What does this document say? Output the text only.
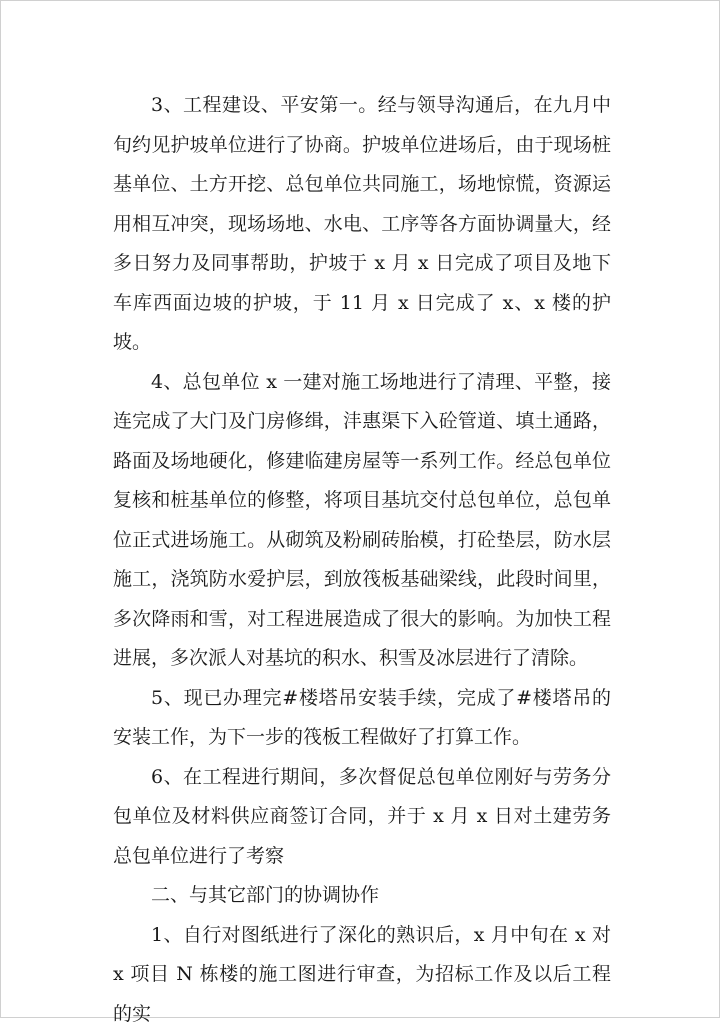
3、工程建设、平安第一。经与领导沟通后，在九月中旬约见护坡单位进行了协商。护坡单位进场后，由于现场桩基单位、土方开挖、总包单位共同施工，场地惊慌，资源运用相互冲突，现场场地、水电、工序等各方面协调量大，经多日努力及同事帮助，护坡于 x 月 x 日完成了项目及地下车库西面边坡的护坡，于 11 月 x 日完成了 x、x 楼的护坡。

4、总包单位 x 一建对施工场地进行了清理、平整，接连完成了大门及门房修缉，沣惠渠下入砼管道、填土通路，路面及场地硬化，修建临建房屋等一系列工作。经总包单位复核和桩基单位的修整，将项目基坑交付总包单位，总包单位正式进场施工。从砌筑及粉刷砖胎模，打砼垫层，防水层施工，浇筑防水爱护层，到放筏板基础梁线，此段时间里，多次降雨和雪，对工程进展造成了很大的影响。为加快工程进展，多次派人对基坑的积水、积雪及冰层进行了清除。

5、现已办理完#楼塔吊安装手续，完成了#楼塔吊的安装工作，为下一步的筏板工程做好了打算工作。

6、在工程进行期间，多次督促总包单位刚好与劳务分包单位及材料供应商签订合同，并于 x 月 x 日对土建劳务总包单位进行了考察

二、与其它部门的协调协作

1、自行对图纸进行了深化的熟识后，x 月中旬在 x 对 x 项目 N 栋楼的施工图进行审查，为招标工作及以后工程的实
